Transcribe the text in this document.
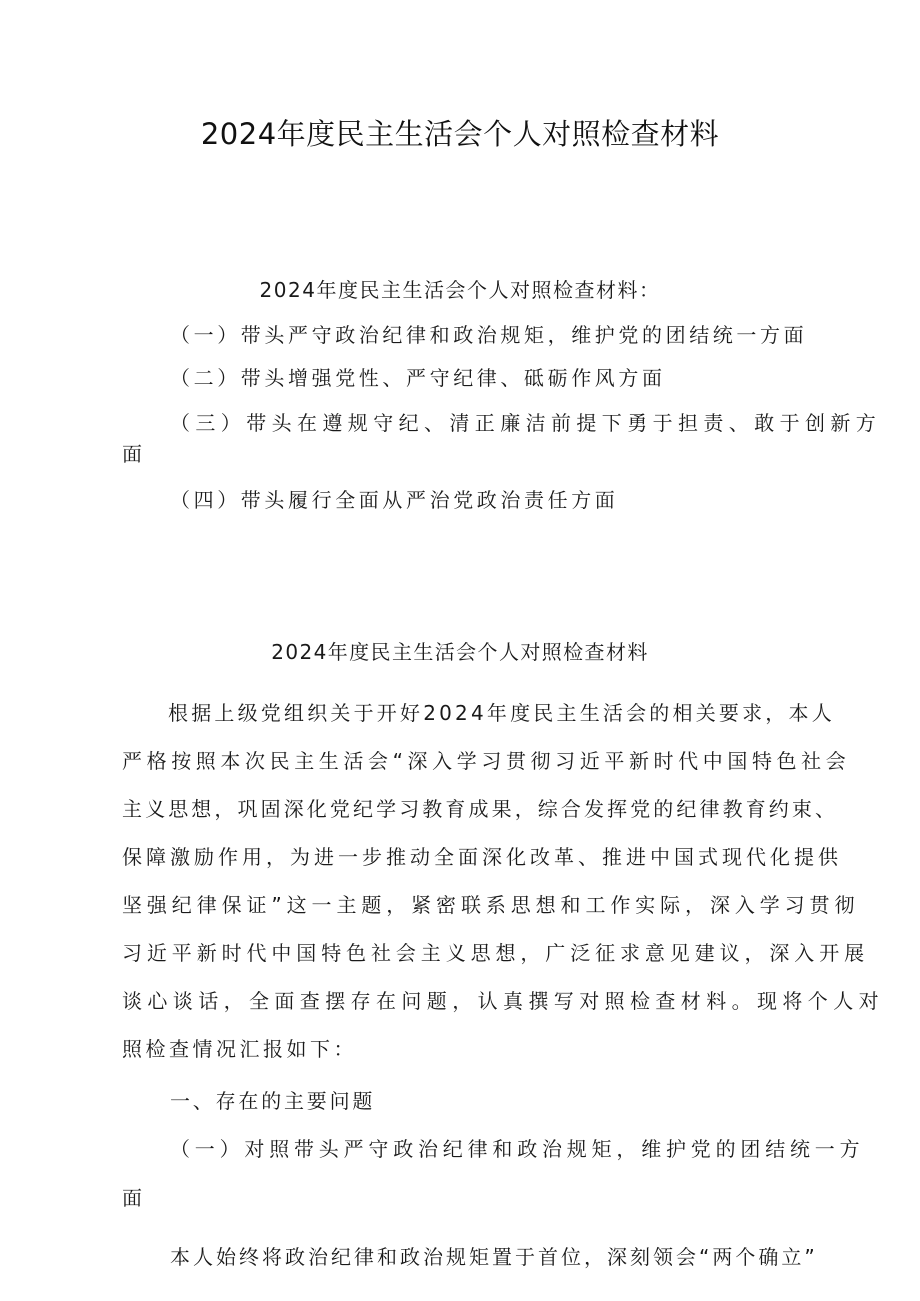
2024年度民主生活会个人对照检查材料
2024年度民主生活会个人对照检查材料：
（一）带头严守政治纪律和政治规矩，维护党的团结统一方面
（二）带头增强党性、严守纪律、砥砺作风方面
（三）带头在遵规守纪、清正廉洁前提下勇于担责、敢于创新方
面
（四）带头履行全面从严治党政治责任方面
2024年度民主生活会个人对照检查材料
根据上级党组织关于开好2024年度民主生活会的相关要求，本人
严格按照本次民主生活会“深入学习贯彻习近平新时代中国特色社会
主义思想，巩固深化党纪学习教育成果，综合发挥党的纪律教育约束、
保障激励作用，为进一步推动全面深化改革、推进中国式现代化提供
坚强纪律保证”这一主题，紧密联系思想和工作实际，深入学习贯彻
习近平新时代中国特色社会主义思想，广泛征求意见建议，深入开展
谈心谈话，全面查摆存在问题，认真撰写对照检查材料。现将个人对
照检查情况汇报如下：
一、存在的主要问题
（一）对照带头严守政治纪律和政治规矩，维护党的团结统一方
面
本人始终将政治纪律和政治规矩置于首位，深刻领会“两个确立”
